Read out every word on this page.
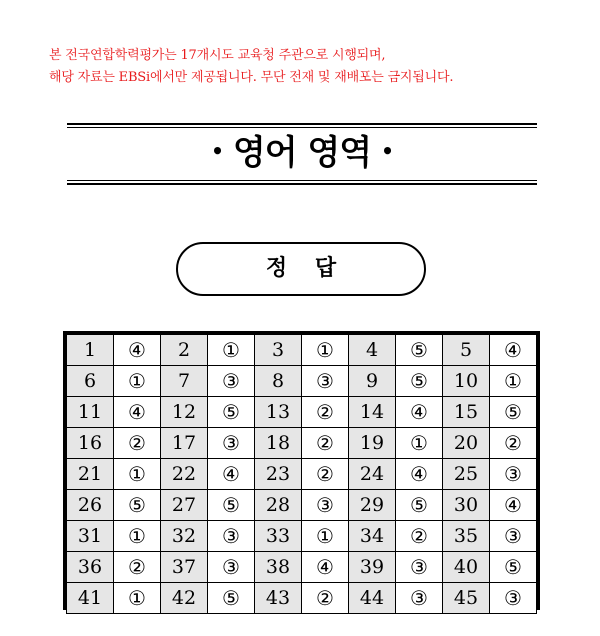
본 전국연합학력평가는 17개시도 교육청 주관으로 시행되며,
해당 자료는 EBSi에서만 제공됩니다. 무단 전재 및 재배포는 금지됩니다.
• 영어 영역 •
정 답
1	④	2	①	3	①	4	⑤	5	④
6	①	7	③	8	③	9	⑤	10	①
11	④	12	⑤	13	②	14	④	15	⑤
16	②	17	③	18	②	19	①	20	②
21	①	22	④	23	②	24	④	25	③
26	⑤	27	⑤	28	③	29	⑤	30	④
31	①	32	③	33	①	34	②	35	③
36	②	37	③	38	④	39	③	40	⑤
41	①	42	⑤	43	②	44	③	45	③
